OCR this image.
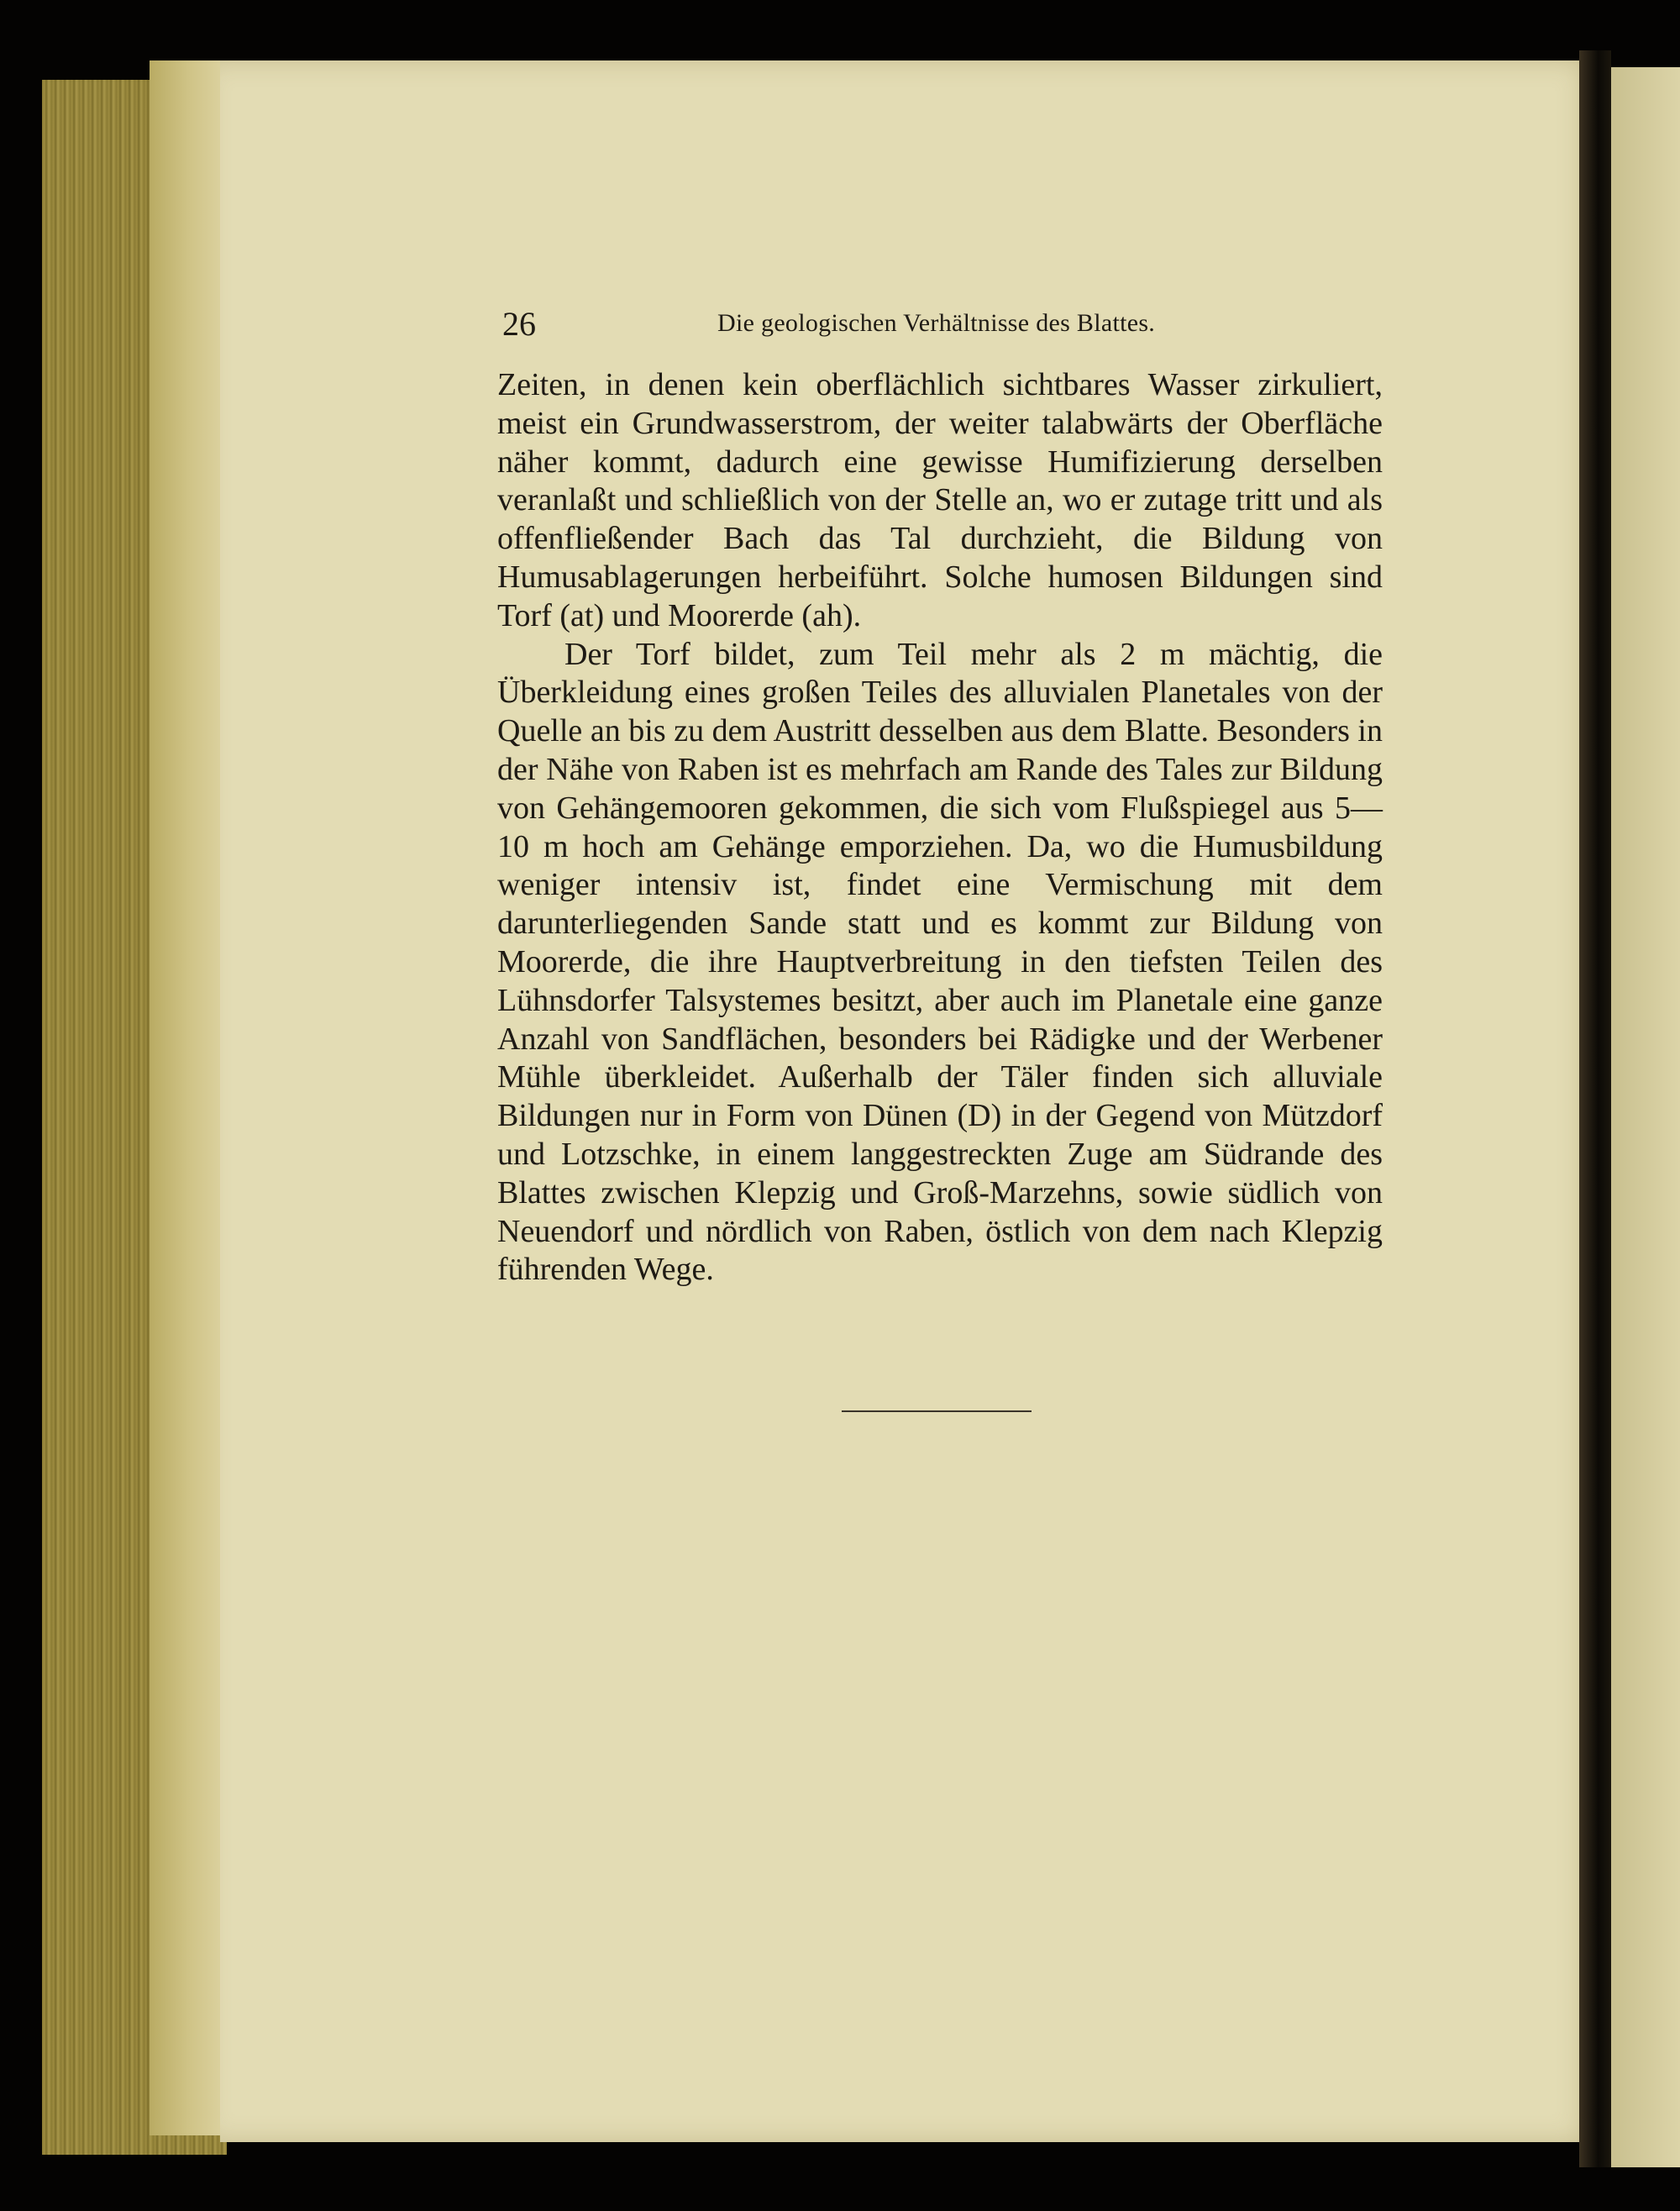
26	Die geologischen Verhältnisse des Blattes.

Zeiten, in denen kein oberflächlich sichtbares Wasser zirkuliert, meist ein Grundwasserstrom, der weiter talabwärts der Oberfläche näher kommt, dadurch eine gewisse Humifizierung derselben veranlaßt und schließlich von der Stelle an, wo er zutage tritt und als offenfließender Bach das Tal durchzieht, die Bildung von Humusablagerungen herbeiführt. Solche humosen Bildungen sind Torf (at) und Moorerde (ah).

Der Torf bildet, zum Teil mehr als 2 m mächtig, die Überkleidung eines großen Teiles des alluvialen Planetales von der Quelle an bis zu dem Austritt desselben aus dem Blatte. Besonders in der Nähe von Raben ist es mehrfach am Rande des Tales zur Bildung von Gehängemooren gekommen, die sich vom Flußspiegel aus 5—10 m hoch am Gehänge emporziehen. Da, wo die Humusbildung weniger intensiv ist, findet eine Vermischung mit dem darunterliegenden Sande statt und es kommt zur Bildung von Moorerde, die ihre Hauptverbreitung in den tiefsten Teilen des Lühnsdorfer Talsystemes besitzt, aber auch im Planetale eine ganze Anzahl von Sandflächen, besonders bei Rädigke und der Werbener Mühle überkleidet. Außerhalb der Täler finden sich alluviale Bildungen nur in Form von Dünen (D) in der Gegend von Mützdorf und Lotzschke, in einem langgestreckten Zuge am Südrande des Blattes zwischen Klepzig und Groß-Marzehns, sowie südlich von Neuendorf und nördlich von Raben, östlich von dem nach Klepzig führenden Wege.
